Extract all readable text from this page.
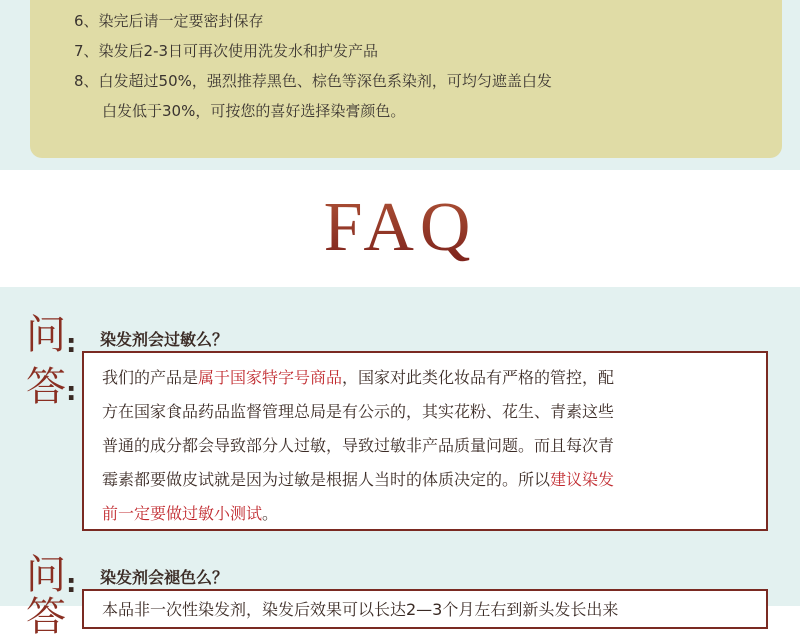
6、染完后请一定要密封保存
7、染发后2-3日可再次使用洗发水和护发产品
8、白发超过50%，强烈推荐黑色、棕色等深色系染剂，可均匀遮盖白发
白发低于30%，可按您的喜好选择染膏颜色。
FAQ
问 :
答 :
染发剂会过敏么？
我们的产品是属于国家特字号商品，国家对此类化妆品有严格的管控，配
方在国家食品药品监督管理总局是有公示的，其实花粉、花生、青素这些
普通的成分都会导致部分人过敏，导致过敏非产品质量问题。而且每次青
霉素都要做皮试就是因为过敏是根据人当时的体质决定的。所以建议染发
前一定要做过敏小测试。
问 :
答
染发剂会褪色么？
本品非一次性染发剂，染发后效果可以长达2—3个月左右到新头发长出来
